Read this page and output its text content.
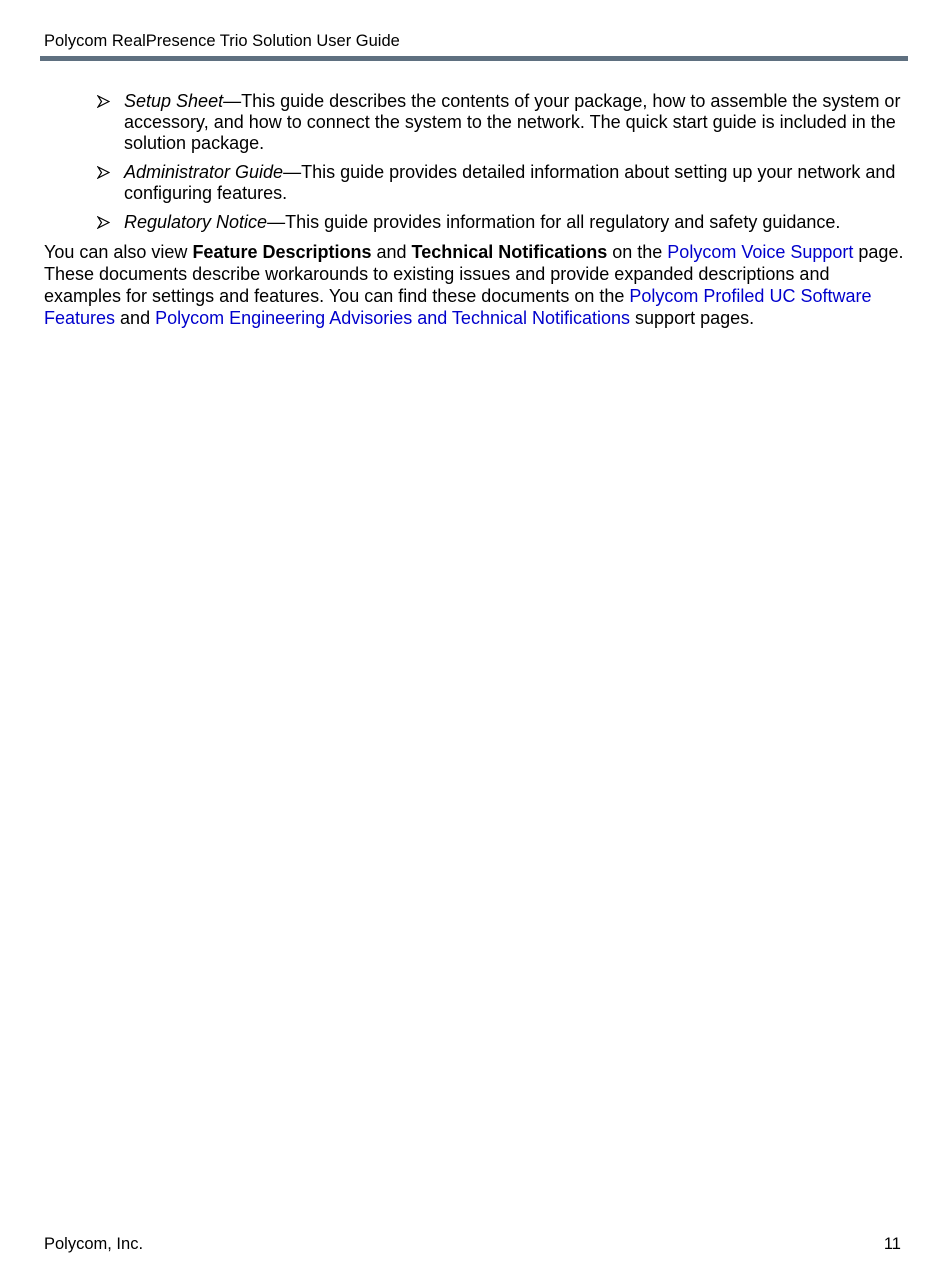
Polycom RealPresence Trio Solution User Guide
Setup Sheet—This guide describes the contents of your package, how to assemble the system or accessory, and how to connect the system to the network. The quick start guide is included in the solution package.
Administrator Guide—This guide provides detailed information about setting up your network and configuring features.
Regulatory Notice—This guide provides information for all regulatory and safety guidance.

You can also view Feature Descriptions and Technical Notifications on the Polycom Voice Support page. These documents describe workarounds to existing issues and provide expanded descriptions and examples for settings and features. You can find these documents on the Polycom Profiled UC Software Features and Polycom Engineering Advisories and Technical Notifications support pages.

Polycom, Inc.	11
